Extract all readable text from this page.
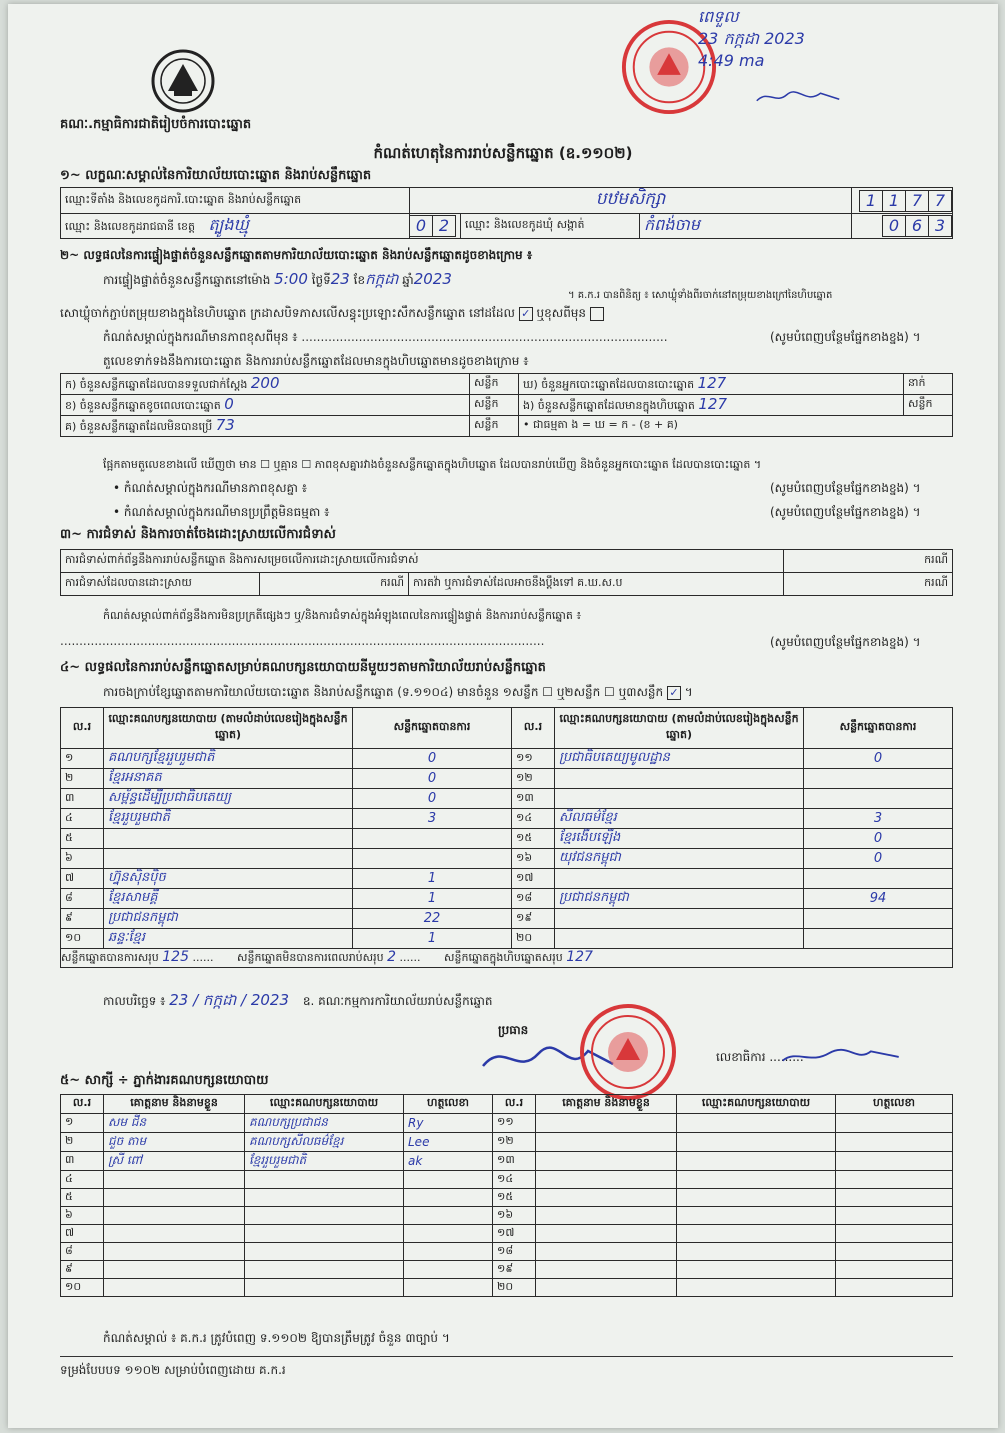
គណៈ.កម្មាធិការជាតិរៀបចំការបោះឆ្នោត
ពេទួល
23 កក្កដា 2023
4:49 ma
កំណត់ហេតុនៃការរាប់សន្លឹកឆ្នោត (ឧ.១១០២)
១~ លក្ខណៈសម្គាល់នៃការិយាល័យបោះឆ្នោត និងរាប់សន្លឹកឆ្នោត
ឈ្មោះទីតាំង និងលេខកូដការិ.បោះឆ្នោត និងរាប់សន្លឹកឆ្នោត	បឋមសិក្សា			1 1 7 7
ឈ្មោះ និងលេខកូដរាជធានី ខេត្ត ត្បូងឃ្មុំ	0 2	ឈ្មោះ និងលេខកូដឃុំ សង្កាត់	កំពង់ចាម	0 6 3
២~ លទ្ធផលនៃការផ្ទៀងផ្ទាត់ចំនួនសន្លឹកឆ្នោតតាមការិយាល័យបោះឆ្នោត និងរាប់សន្លឹកឆ្នោតដូចខាងក្រោម ៖
ការផ្ទៀងផ្ទាត់ចំនួនសន្លឹកឆ្នោតនៅម៉ោង 5:00 ថ្ងៃទី23 ខែកក្កដា ឆ្នាំ2023
។ គ.ក.រ បានពិនិត្យ ៖ សោឃ្លុំទាំងពីរចាក់នៅតម្រុយខាងក្រៅនៃហិបឆ្នោត
សោឃ្លុំចាក់ភ្ជាប់តម្រុយខាងក្នុងនៃហិបឆ្នោត ក្រដាសបិទភាសលើសន្ធុះប្រឡោះសឹកសន្លឹកឆ្នោត នៅដដែល ✓ ឬខុសពីមុន
កំណត់សម្គាល់ក្នុងករណីមានភាពខុសពីមុន ៖ ................................................................................................	(សូមបំពេញបន្ថែមផ្នែកខាងខ្នង) ។
តួលេខទាក់ទងនឹងការបោះឆ្នោត និងការរាប់សន្លឹកឆ្នោតដែលមានក្នុងហិបឆ្នោតមានដូចខាងក្រោម ៖
ក) ចំនួនសន្លឹកឆ្នោតដែលបានទទួលជាក់ស្តែង 200	សន្លឹក	ឃ) ចំនួនអ្នកបោះឆ្នោតដែលបានបោះឆ្នោត 127	នាក់
ខ) ចំនួនសន្លឹកឆ្នោតខូចពេលបោះឆ្នោត 0	សន្លឹក	ង) ចំនួនសន្លឹកឆ្នោតដែលមានក្នុងហិបឆ្នោត 127	សន្លឹក
គ) ចំនួនសន្លឹកឆ្នោតដែលមិនបានប្រើ 73	សន្លឹក	• ជាធម្មតា ង = ឃ = ក - (ខ + គ)	
ផ្អែកតាមតួលេខខាងលើ ឃើញថា មាន ☐ ឬគ្មាន ☐ ភាពខុសគ្នារវាងចំនួនសន្លឹកឆ្នោតក្នុងហិបឆ្នោត ដែលបានរាប់ឃើញ និងចំនួនអ្នកបោះឆ្នោត ដែលបានបោះឆ្នោត ។
• កំណត់សម្គាល់ក្នុងករណីមានភាពខុសគ្នា ៖	(សូមបំពេញបន្ថែមផ្នែកខាងខ្នង) ។
• កំណត់សម្គាល់ក្នុងករណីមានប្រព្រឹត្តមិនធម្មតា ៖	(សូមបំពេញបន្ថែមផ្នែកខាងខ្នង) ។
៣~ ការជំទាស់ និងការចាត់ចែងដោះស្រាយលើការជំទាស់
ការជំទាស់ពាក់ព័ន្ធនឹងការរាប់សន្លឹកឆ្នោត និងការសម្រេចលើការដោះស្រាយលើការជំទាស់			ករណី
ការជំទាស់ដែលបានដោះស្រាយ	ករណី	ការតវ៉ា ឬការជំទាស់ដែលអាចនឹងប្តឹងទៅ គ.ឃ.ស.ប	ករណី
កំណត់សម្គាល់ពាក់ព័ន្ធនឹងការមិនប្រក្រតីផ្សេងៗ ឬ/និងការជំទាស់ក្នុងអំឡុងពេលនៃការផ្ទៀងផ្ទាត់ និងការរាប់សន្លឹកឆ្នោត ៖
...............................................................................................................................	(សូមបំពេញបន្ថែមផ្នែកខាងខ្នង) ។
៤~ លទ្ធផលនៃការរាប់សន្លឹកឆ្នោតសម្រាប់គណបក្សនយោបាយនីមួយៗតាមការិយាល័យរាប់សន្លឹកឆ្នោត
ការចងក្រាប់ខ្សែឆ្នោតតាមការិយាល័យបោះឆ្នោត និងរាប់សន្លឹកឆ្នោត (ទ.១១០៤) មានចំនួន ១សន្លឹក ☐ ឬ២សន្លឹក ☐ ឬ៣សន្លឹក ✓ ។
ល.រ	ឈ្មោះគណបក្សនយោបាយ (តាមលំដាប់លេខរៀងក្នុងសន្លឹកឆ្នោត)	សន្លឹកឆ្នោតបានការ	ល.រ	ឈ្មោះគណបក្សនយោបាយ (តាមលំដាប់លេខរៀងក្នុងសន្លឹកឆ្នោត)	សន្លឹកឆ្នោតបានការ
១	គណបក្សខ្មែររួបរួមជាតិ	0	១១	ប្រជាធិបតេយ្យមូលដ្ឋាន	0
២	ខ្មែរអនាគត	0	១២		
៣	សម្ព័ន្ធដើម្បីប្រជាធិបតេយ្យ	0	១៣		
៤	ខ្មែររួបរួមជាតិ	3	១៤	សីលធម៌ខ្មែរ	3
៥			១៥	ខ្មែរងើបឡើង	0
៦			១៦	យុវជនកម្ពុជា	0
៧	ហ្វ៊ុនស៊ិនប៉ិច	1	១៧		
៨	ខ្មែរសាមគ្គី	1	១៨	ប្រជាជនកម្ពុជា	94
៩	ប្រជាជនកម្ពុជា	22	១៩		
១០	ឆន្ទៈខ្មែរ	1	២០		
សន្លឹកឆ្នោតបានការសរុប 125 ...... សន្លឹកឆ្នោតមិនបានការពេលរាប់សរុប 2 ...... សន្លឹកឆ្នោតក្នុងហិបឆ្នោតសរុប 127					
កាលបរិច្ឆេទ ៖ 23 / កក្កដា / 2023 ឧ. គណៈកម្មការការិយាល័យរាប់សន្លឹកឆ្នោត
ប្រធាន
លេខាធិការ .........
៥~ សាក្សី ÷ ភ្នាក់ងារគណបក្សនយោបាយ
ល.រ	គោត្តនាម និងនាមខ្លួន	ឈ្មោះគណបក្សនយោបាយ	ហត្ថលេខា	ល.រ	គោត្តនាម និងនាមខ្លួន	ឈ្មោះគណបក្សនយោបាយ	ហត្ថលេខា
១	សម ជីន	គណបក្សប្រជាជន	Ry	១១			
២	ជួច តាម	គណបក្សសីលធម៌ខ្មែរ	Lee	១២			
៣	ស្រី ពៅ	ខ្មែររួបរួមជាតិ	ak	១៣			
៤				១៤			
៥				១៥			
៦				១៦			
៧				១៧			
៨				១៨			
៩				១៩			
១០				២០			
កំណត់សម្គាល់ ៖ គ.ក.រ ត្រូវបំពេញ ទ.១១០២ ឱ្យបានត្រឹមត្រូវ ចំនួន ៣ច្បាប់ ។
ទម្រង់បែបបទ ១១០២ សម្រាប់បំពេញដោយ គ.ក.រ
